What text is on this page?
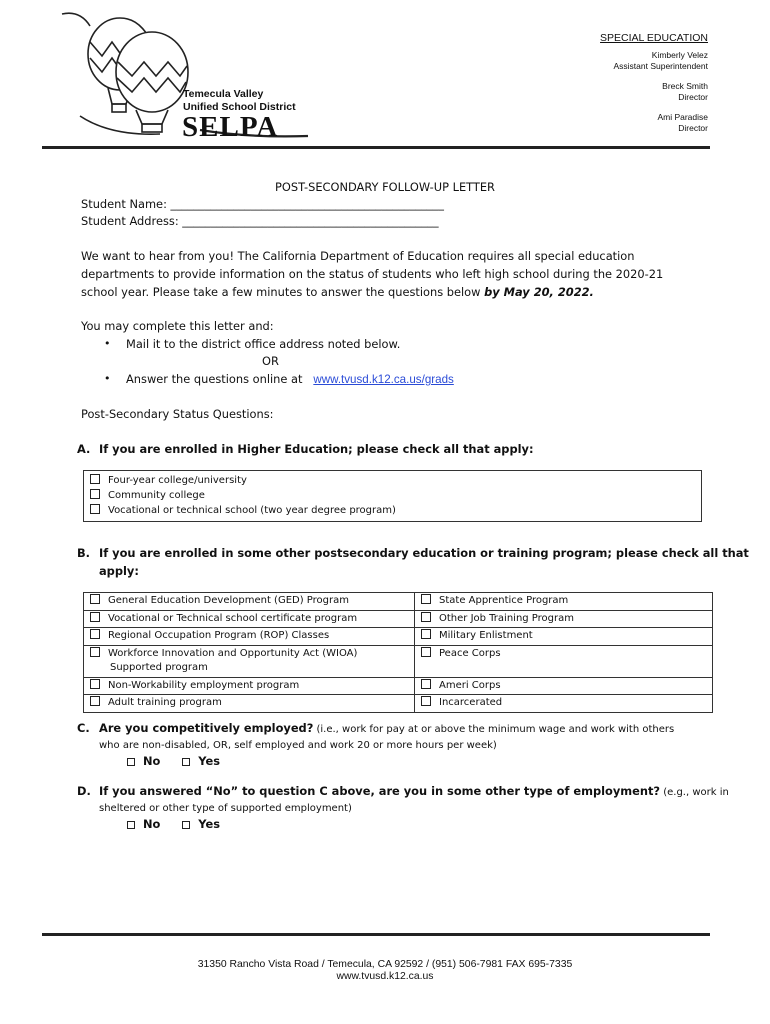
Temecula Valley
Unified School District
SELPA
SPECIAL EDUCATION
Kimberly Velez
Assistant Superintendent
Breck Smith
Director
Ami Paradise
Director
POST-SECONDARY FOLLOW-UP LETTER
Student Name: ________________________________________________
Student Address: _____________________________________________
We want to hear from you! The California Department of Education requires all special education
departments to provide information on the status of students who left high school during the 2020-21
school year. Please take a few minutes to answer the questions below by May 20, 2022.
You may complete this letter and:
• Mail it to the district office address noted below.
OR
• Answer the questions online at www.tvusd.k12.ca.us/grads
Post-Secondary Status Questions:
A. If you are enrolled in Higher Education; please check all that apply:
Four-year college/university
Community college
Vocational or technical school (two year degree program)
B. If you are enrolled in some other postsecondary education or training program; please check all that
apply:
General Education Development (GED) Program	State Apprentice Program
Vocational or Technical school certificate program	Other Job Training Program
Regional Occupation Program (ROP) Classes	Military Enlistment
Workforce Innovation and Opportunity Act (WIOA)
Supported program	Peace Corps
Non-Workability employment program	Ameri Corps
Adult training program	Incarcerated
C. Are you competitively employed? (i.e., work for pay at or above the minimum wage and work with others
who are non-disabled, OR, self employed and work 20 or more hours per week)
No	Yes
D. If you answered “No” to question C above, are you in some other type of employment? (e.g., work in
sheltered or other type of supported employment)
No	Yes
31350 Rancho Vista Road / Temecula, CA 92592 / (951) 506-7981 FAX 695-7335
www.tvusd.k12.ca.us
